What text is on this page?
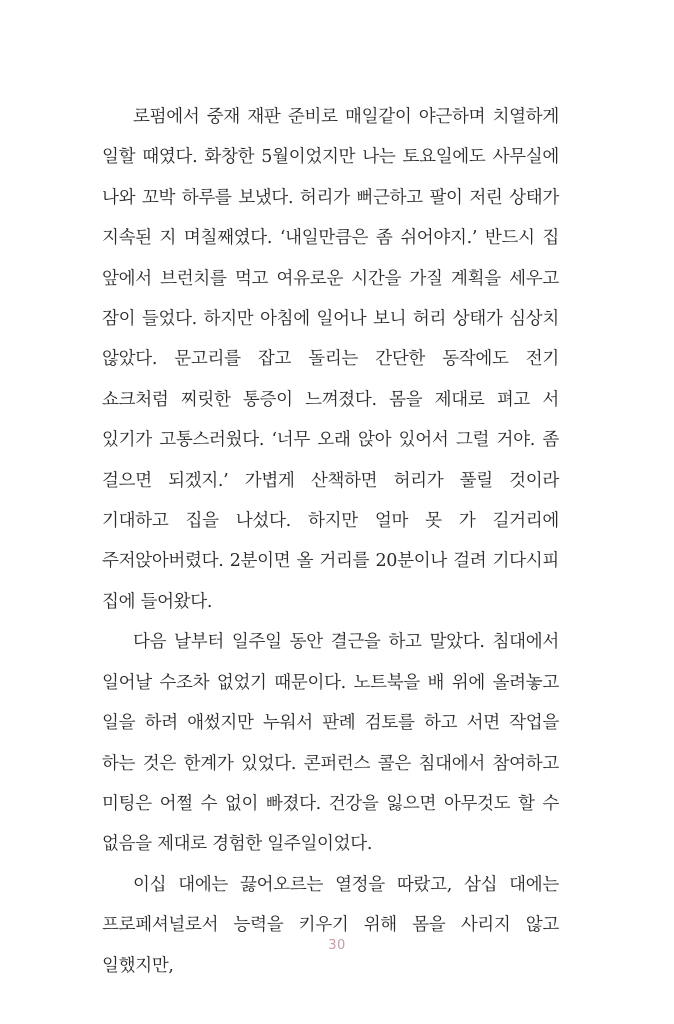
로펌에서 중재 재판 준비로 매일같이 야근하며 치열하게 일할 때였다. 화창한 5월이었지만 나는 토요일에도 사무실에 나와 꼬박 하루를 보냈다. 허리가 뻐근하고 팔이 저린 상태가 지속된 지 며칠째였다. ‘내일만큼은 좀 쉬어야지.’ 반드시 집 앞에서 브런치를 먹고 여유로운 시간을 가질 계획을 세우고 잠이 들었다. 하지만 아침에 일어나 보니 허리 상태가 심상치 않았다. 문고리를 잡고 돌리는 간단한 동작에도 전기 쇼크처럼 찌릿한 통증이 느껴졌다. 몸을 제대로 펴고 서 있기가 고통스러웠다. ‘너무 오래 앉아 있어서 그럴 거야. 좀 걸으면 되겠지.’ 가볍게 산책하면 허리가 풀릴 것이라 기대하고 집을 나섰다. 하지만 얼마 못 가 길거리에 주저앉아버렸다. 2분이면 올 거리를 20분이나 걸려 기다시피 집에 들어왔다.

다음 날부터 일주일 동안 결근을 하고 말았다. 침대에서 일어날 수조차 없었기 때문이다. 노트북을 배 위에 올려놓고 일을 하려 애썼지만 누워서 판례 검토를 하고 서면 작업을 하는 것은 한계가 있었다. 콘퍼런스 콜은 침대에서 참여하고 미팅은 어쩔 수 없이 빠졌다. 건강을 잃으면 아무것도 할 수 없음을 제대로 경험한 일주일이었다.

이십 대에는 끓어오르는 열정을 따랐고, 삼십 대에는 프로페셔널로서 능력을 키우기 위해 몸을 사리지 않고 일했지만,

30
